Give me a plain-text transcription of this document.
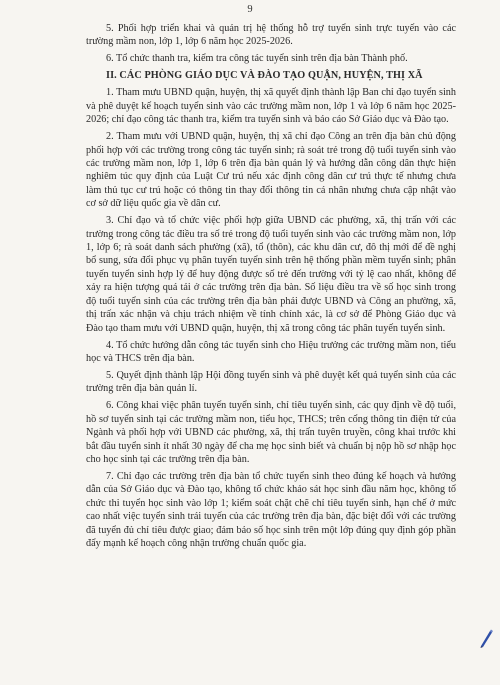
9

5. Phối hợp triển khai và quản trị hệ thống hỗ trợ tuyển sinh trực tuyến vào các trường mầm non, lớp 1, lớp 6 năm học 2025-2026.

6. Tổ chức thanh tra, kiểm tra công tác tuyển sinh trên địa bàn Thành phố.

II. CÁC PHÒNG GIÁO DỤC VÀ ĐÀO TẠO QUẬN, HUYỆN, THỊ XÃ

1. Tham mưu UBND quận, huyện, thị xã quyết định thành lập Ban chỉ đạo tuyển sinh và phê duyệt kế hoạch tuyển sinh vào các trường mầm non, lớp 1 và lớp 6 năm học 2025-2026; chỉ đạo công tác thanh tra, kiểm tra tuyển sinh và báo cáo Sở Giáo dục và Đào tạo.

2. Tham mưu với UBND quận, huyện, thị xã chỉ đạo Công an trên địa bàn chủ động phối hợp với các trường trong công tác tuyển sinh; rà soát trẻ trong độ tuổi tuyển sinh vào các trường mầm non, lớp 1, lớp 6 trên địa bàn quản lý và hướng dẫn công dân thực hiện nghiêm túc quy định của Luật Cư trú nếu xác định công dân cư trú thực tế nhưng chưa làm thủ tục cư trú hoặc có thông tin thay đổi thông tin cá nhân nhưng chưa cập nhật vào cơ sở dữ liệu quốc gia về dân cư.

3. Chỉ đạo và tổ chức việc phối hợp giữa UBND các phường, xã, thị trấn với các trường trong công tác điều tra số trẻ trong độ tuổi tuyển sinh vào các trường mầm non, lớp 1, lớp 6; rà soát danh sách phường (xã), tổ (thôn), các khu dân cư, đô thị mới để đề nghị bổ sung, sửa đổi phục vụ phân tuyến tuyển sinh trên hệ thống phần mềm tuyển sinh; phân tuyến tuyển sinh hợp lý để huy động được số trẻ đến trường với tỷ lệ cao nhất, không để xảy ra hiện tượng quá tải ở các trường trên địa bàn. Số liệu điều tra về số học sinh trong độ tuổi tuyển sinh của các trường trên địa bàn phải được UBND và Công an phường, xã, thị trấn xác nhận và chịu trách nhiệm về tính chính xác, là cơ sở để Phòng Giáo dục và Đào tạo tham mưu với UBND quận, huyện, thị xã trong công tác phân tuyến tuyển sinh.

4. Tổ chức hướng dẫn công tác tuyển sinh cho Hiệu trưởng các trường mầm non, tiểu học và THCS trên địa bàn.

5. Quyết định thành lập Hội đồng tuyển sinh và phê duyệt kết quả tuyển sinh của các trường trên địa bàn quản lí.

6. Công khai việc phân tuyến tuyển sinh, chỉ tiêu tuyển sinh, các quy định về độ tuổi, hồ sơ tuyển sinh tại các trường mầm non, tiểu học, THCS; trên cổng thông tin điện tử của Ngành và phối hợp với UBND các phường, xã, thị trấn tuyên truyền, công khai trước khi bắt đầu tuyển sinh ít nhất 30 ngày để cha mẹ học sinh biết và chuẩn bị nộp hồ sơ nhập học cho học sinh tại các trường trên địa bàn.

7. Chỉ đạo các trường trên địa bàn tổ chức tuyển sinh theo đúng kế hoạch và hướng dẫn của Sở Giáo dục và Đào tạo, không tổ chức khảo sát học sinh đầu năm học, không tổ chức thi tuyển học sinh vào lớp 1; kiểm soát chặt chẽ chỉ tiêu tuyển sinh, hạn chế ở mức cao nhất việc tuyển sinh trái tuyến của các trường trên địa bàn, đặc biệt đối với các trường đã tuyển đủ chỉ tiêu được giao; đảm bảo số học sinh trên một lớp đúng quy định góp phần đẩy mạnh kế hoạch công nhận trường chuẩn quốc gia.
